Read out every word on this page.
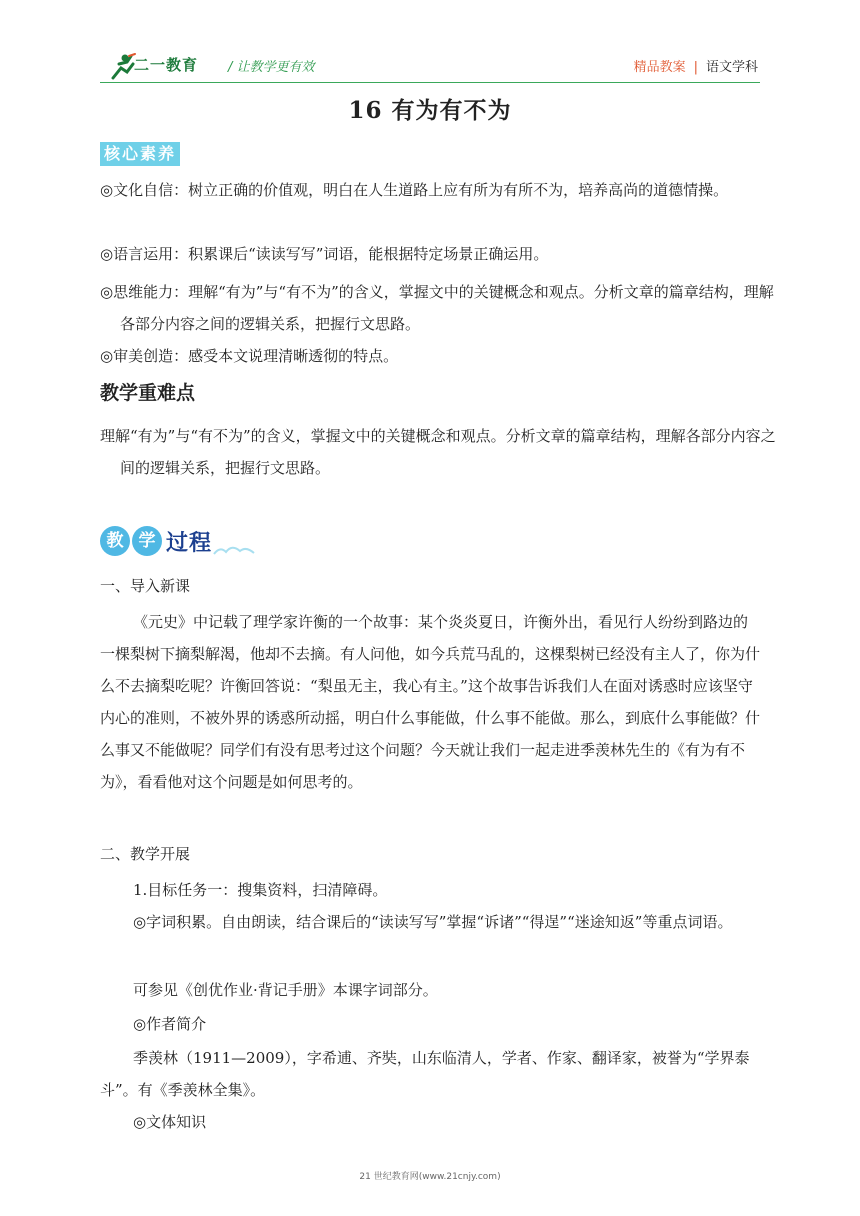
二一教育 / 让教学更有效	精品教案 | 语文学科
16 有为有不为
核心素养

◎文化自信：树立正确的价值观，明白在人生道路上应有所为有所不为，培养高尚的道德情操。

◎语言运用：积累课后“读读写写”词语，能根据特定场景正确运用。

◎思维能力：理解“有为”与“有不为”的含义，掌握文中的关键概念和观点。分析文章的篇章结构，理解各部分内容之间的逻辑关系，把握行文思路。

◎审美创造：感受本文说理清晰透彻的特点。

教学重难点

理解“有为”与“有不为”的含义，掌握文中的关键概念和观点。分析文章的篇章结构，理解各部分内容之间的逻辑关系，把握行文思路。

教 学 过程

一、导入新课

《元史》中记载了理学家许衡的一个故事：某个炎炎夏日，许衡外出，看见行人纷纷到路边的一棵梨树下摘梨解渴，他却不去摘。有人问他，如今兵荒马乱的，这棵梨树已经没有主人了，你为什么不去摘梨吃呢？许衡回答说：“梨虽无主，我心有主。”这个故事告诉我们人在面对诱惑时应该坚守内心的准则，不被外界的诱惑所动摇，明白什么事能做，什么事不能做。那么，到底什么事能做？什么事又不能做呢？同学们有没有思考过这个问题？今天就让我们一起走进季羡林先生的《有为有不为》，看看他对这个问题是如何思考的。

二、教学开展

1.目标任务一：搜集资料，扫清障碍。

◎字词积累。自由朗读，结合课后的“读读写写”掌握“诉诸”“得逞”“迷途知返”等重点词语。

可参见《创优作业·背记手册》本课字词部分。

◎作者简介

季羡林（1911—2009），字希逋、齐奘，山东临清人，学者、作家、翻译家，被誉为“学界泰斗”。有《季羡林全集》。

◎文体知识

21 世纪教育网(www.21cnjy.com)
